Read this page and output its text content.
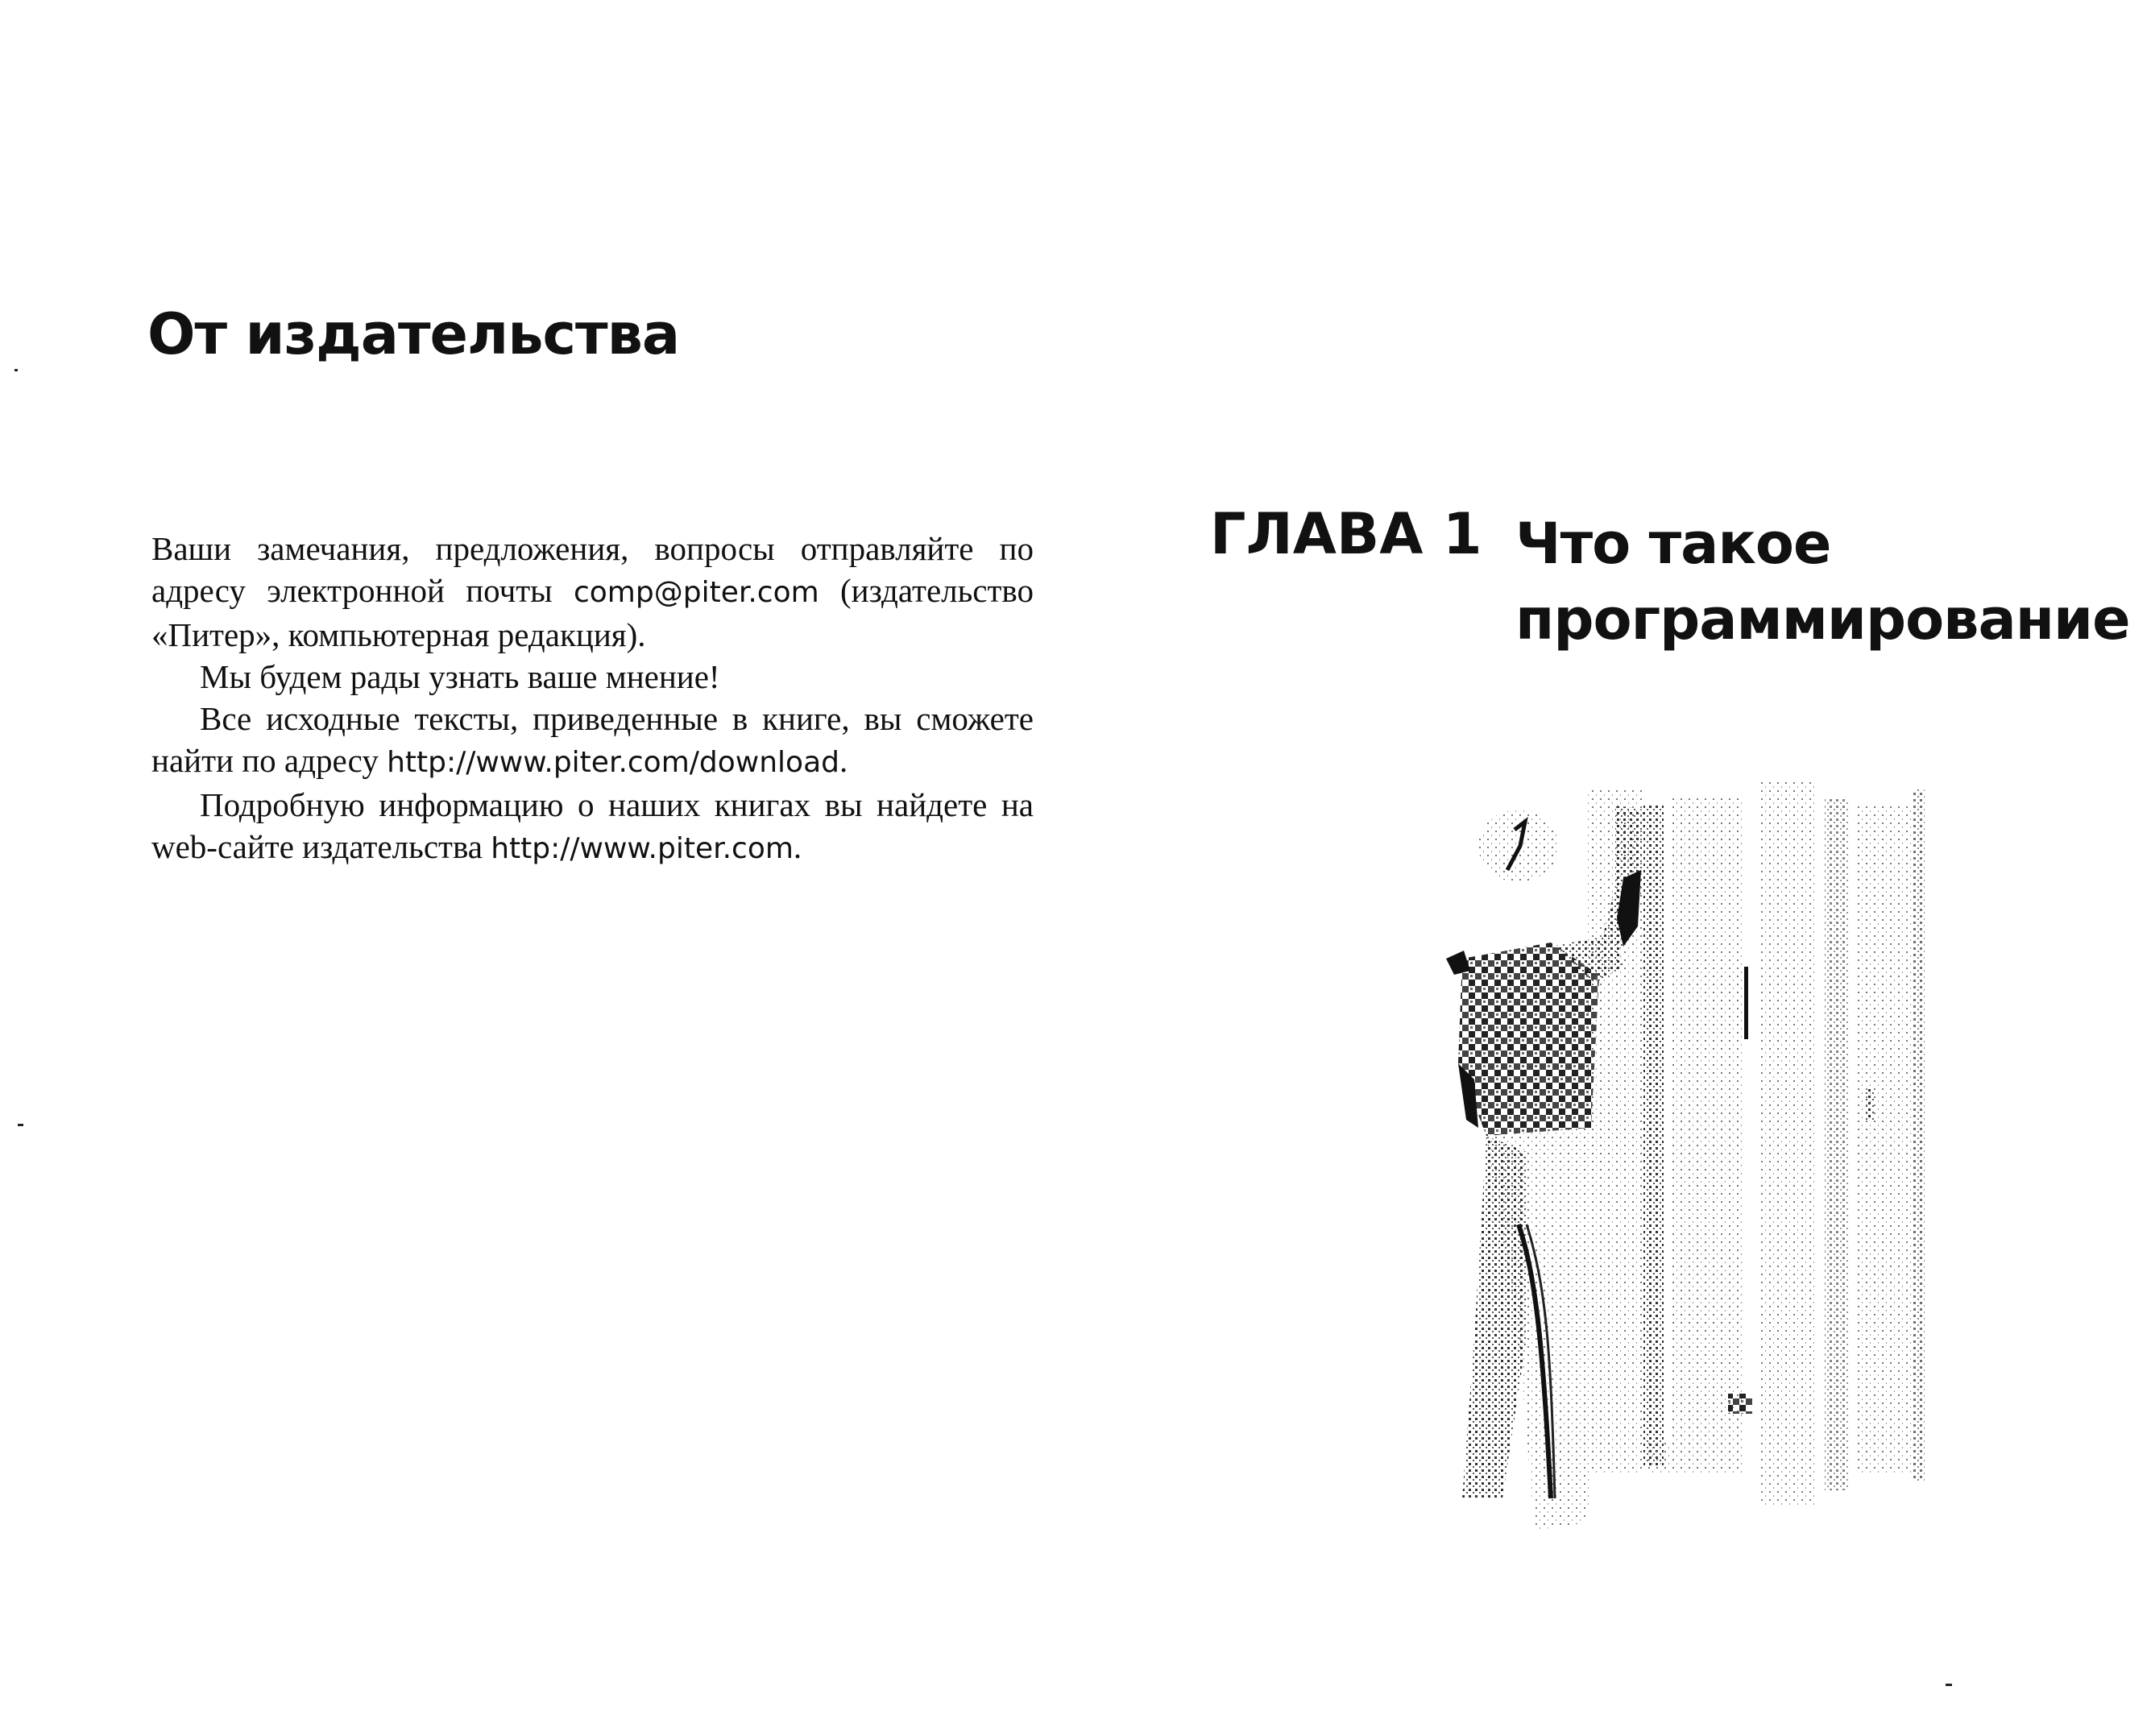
От издательства

Ваши замечания, предложения, вопросы отправляйте по адресу электронной почты comp@piter.com (издательство «Питер», компьютерная редакция).

Мы будем рады узнать ваше мнение!

Все исходные тексты, приведенные в книге, вы сможете найти по адресу http://www.piter.com/download.

Подробную информацию о наших книгах вы найдете на web-сайте издательства http://www.piter.com.

ГЛАВА 1 Что такое
программирование
